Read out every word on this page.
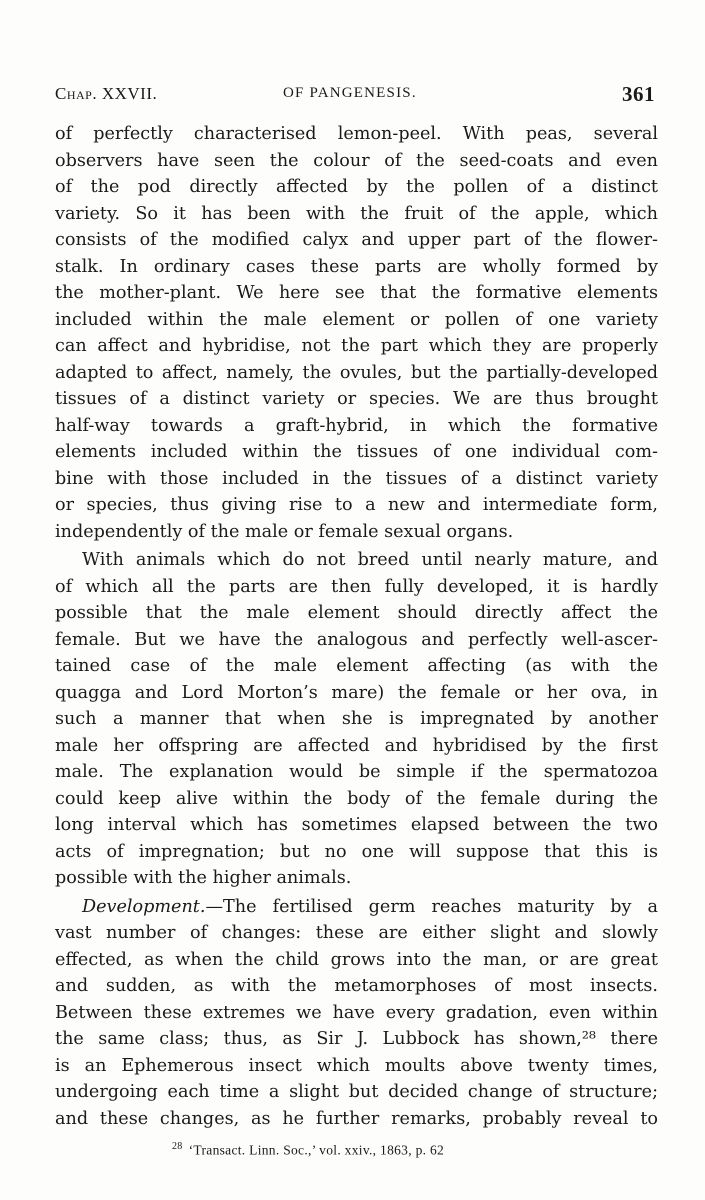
Chap. XXVII.	OF PANGENESIS.	361
of perfectly characterised lemon-peel. With peas, several
observers have seen the colour of the seed-coats and even
of the pod directly affected by the pollen of a distinct
variety. So it has been with the fruit of the apple, which
consists of the modified calyx and upper part of the flower-
stalk. In ordinary cases these parts are wholly formed by
the mother-plant. We here see that the formative elements
included within the male element or pollen of one variety
can affect and hybridise, not the part which they are properly
adapted to affect, namely, the ovules, but the partially-developed
tissues of a distinct variety or species. We are thus brought
half-way towards a graft-hybrid, in which the formative
elements included within the tissues of one individual com-
bine with those included in the tissues of a distinct variety
or species, thus giving rise to a new and intermediate form,
independently of the male or female sexual organs.
With animals which do not breed until nearly mature, and
of which all the parts are then fully developed, it is hardly
possible that the male element should directly affect the
female. But we have the analogous and perfectly well-ascer-
tained case of the male element affecting (as with the
quagga and Lord Morton’s mare) the female or her ova, in
such a manner that when she is impregnated by another
male her offspring are affected and hybridised by the first
male. The explanation would be simple if the spermatozoa
could keep alive within the body of the female during the
long interval which has sometimes elapsed between the two
acts of impregnation; but no one will suppose that this is
possible with the higher animals.
Development.—The fertilised germ reaches maturity by a
vast number of changes: these are either slight and slowly
effected, as when the child grows into the man, or are great
and sudden, as with the metamorphoses of most insects.
Between these extremes we have every gradation, even within
the same class; thus, as Sir J. Lubbock has shown,²⁸ there
is an Ephemerous insect which moults above twenty times,
undergoing each time a slight but decided change of structure;
and these changes, as he further remarks, probably reveal to
$^{28}$ ‘Transact. Linn. Soc.,’ vol. xxiv., 1863, p. 62
